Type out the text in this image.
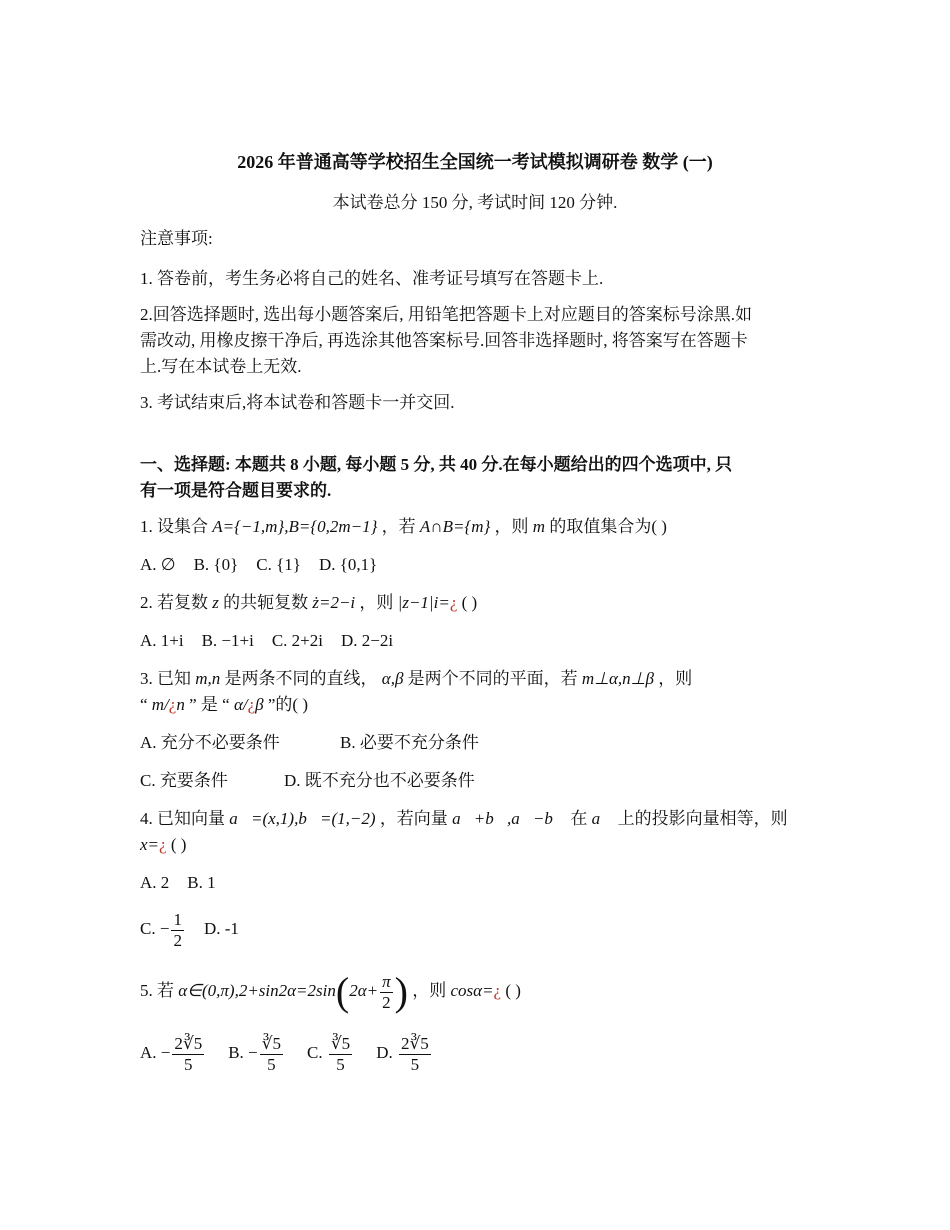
2026 年普通高等学校招生全国统一考试模拟调研卷 数学 (一)
本试卷总分 150 分, 考试时间 120 分钟.
注意事项:
1. 答卷前，考生务必将自己的姓名、准考证号填写在答题卡上.
2.回答选择题时, 选出每小题答案后, 用铅笔把答题卡上对应题目的答案标号涂黑.如
需改动, 用橡皮擦干净后, 再选涂其他答案标号.回答非选择题时, 将答案写在答题卡
上.写在本试卷上无效.
3. 考试结束后,将本试卷和答题卡一并交回.
一、选择题: 本题共 8 小题, 每小题 5 分, 共 40 分.在每小题给出的四个选项中, 只
有一项是符合题目要求的.
1. 设集合 A={−1,m},B={0,2m−1} ，若 A∩B={m} ，则 m 的取值集合为( )
A. ∅ B. {0} C. {1} D. {0,1}
2. 若复数 z 的共轭复数 ż=2−i ，则 |z−1|i=¿ ( )
A. 1+i B. −1+i C. 2+2i D. 2−2i
3. 已知 m,n 是两条不同的直线， α,β 是两个不同的平面，若 m⊥α,n⊥β ，则
“ m/¿n ” 是 “ α/¿β ”的( )
A. 充分不必要条件	B. 必要不充分条件
C. 充要条件	D. 既不充分也不必要条件
4. 已知向量 a⃗=(x,1),b⃗=(1,−2) ，若向量 a⃗+b⃗,a⃗−b⃗ 在 a⃗ 上的投影向量相等，则
x=¿ ( )
A. 2 B. 1
C. − $\frac{1}{2} D$. -1
5. 若 α∈(0,π),2+sin2α=2sin(2α+ $\frac{\pi}{2}$ ) ，则 cosα=¿ ( )
A. − $\frac{2∛5}{5} B$. − $\frac{∛5}{5} C$. $\frac{∛5}{5} D$. $\frac{2∛5}{5}$
